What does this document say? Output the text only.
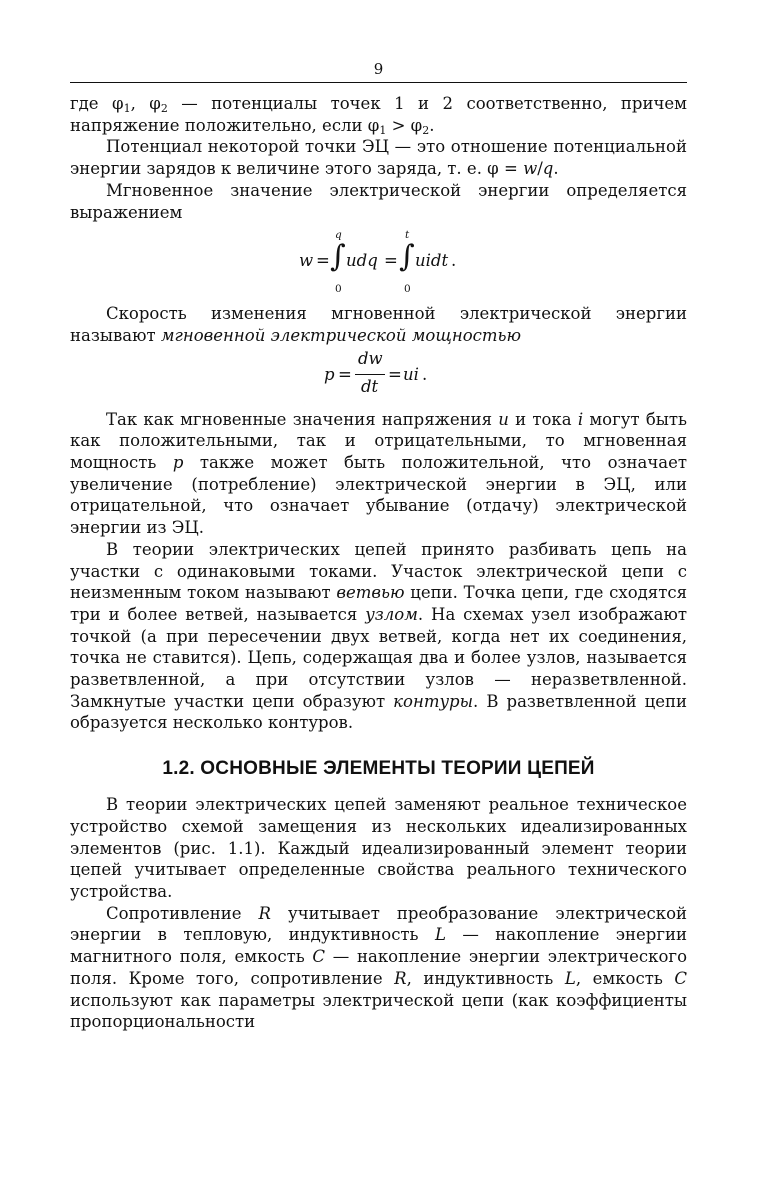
9

где $\varphi_1$, $\varphi_2$ — потенциалы точек 1 и 2 соответственно, причем напряжение положительно, если $\varphi_1 > \varphi_2$.

Потенциал некоторой точки ЭЦ — это отношение потенциальной энергии зарядов к величине этого заряда, т. е. φ = w/q.

Мгновенное значение электрической энергии определяется выражением

w =
q
∫
0
udq =
t
∫
0
uidt .

Скорость изменения мгновенной электрической энергии называют мгновенной электрической мощностью

p =
dw
dt
= ui .

Так как мгновенные значения напряжения u и тока i могут быть как положительными, так и отрицательными, то мгновенная мощность p также может быть положительной, что означает увеличение (потребление) электрической энергии в ЭЦ, или отрицательной, что означает убывание (отдачу) электрической энергии из ЭЦ.

В теории электрических цепей принято разбивать цепь на участки с одинаковыми токами. Участок электрической цепи с неизменным током называют ветвью цепи. Точка цепи, где сходятся три и более ветвей, называется узлом. На схемах узел изображают точкой (а при пересечении двух ветвей, когда нет их соединения, точка не ставится). Цепь, содержащая два и более узлов, называется разветвленной, а при отсутствии узлов — неразветвленной. Замкнутые участки цепи образуют контуры. В разветвленной цепи образуется несколько контуров.

1.2. ОСНОВНЫЕ ЭЛЕМЕНТЫ ТЕОРИИ ЦЕПЕЙ

В теории электрических цепей заменяют реальное техническое устройство схемой замещения из нескольких идеализированных элементов (рис. 1.1). Каждый идеализированный элемент теории цепей учитывает определенные свойства реального технического устройства.

Сопротивление R учитывает преобразование электрической энергии в тепловую, индуктивность L — накопление энергии магнитного поля, емкость C — накопление энергии электрического поля. Кроме того, сопротивление R, индуктивность L, емкость C используют как параметры электрической цепи (как коэффициенты пропорциональности
